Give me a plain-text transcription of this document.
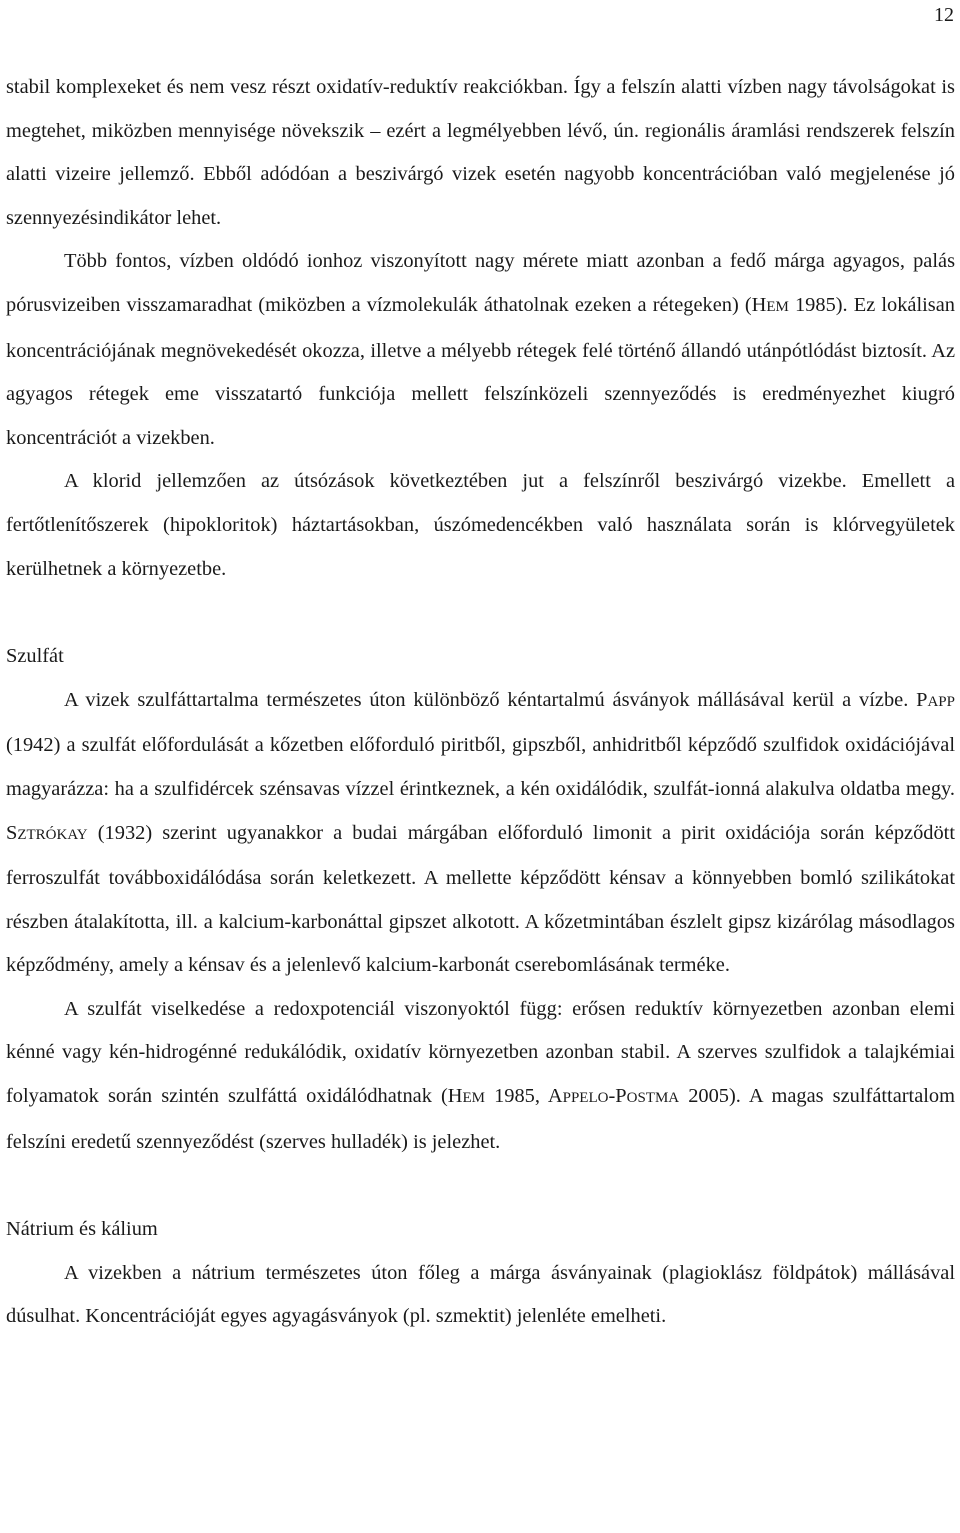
12

stabil komplexeket és nem vesz részt oxidatív-reduktív reakciókban. Így a felszín alatti vízben nagy távolságokat is megtehet, miközben mennyisége növekszik – ezért a legmélyebben lévő, ún. regionális áramlási rendszerek felszín alatti vizeire jellemző. Ebből adódóan a beszivárgó vizek esetén nagyobb koncentrációban való megjelenése jó szennyezésindikátor lehet.

Több fontos, vízben oldódó ionhoz viszonyított nagy mérete miatt azonban a fedő márga agyagos, palás pórusvizeiben visszamaradhat (miközben a vízmolekulák áthatolnak ezeken a rétegeken) (HEM 1985). Ez lokálisan koncentrációjának megnövekedését okozza, illetve a mélyebb rétegek felé történő állandó utánpótlódást biztosít. Az agyagos rétegek eme visszatartó funkciója mellett felszínközeli szennyeződés is eredményezhet kiugró koncentrációt a vizekben.

A klorid jellemzően az útsózások következtében jut a felszínről beszivárgó vizekbe. Emellett a fertőtlenítőszerek (hipokloritok) háztartásokban, úszómedencékben való használata során is klórvegyületek kerülhetnek a környezetbe.

Szulfát

A vizek szulfáttartalma természetes úton különböző kéntartalmú ásványok mállásával kerül a vízbe. PAPP (1942) a szulfát előfordulását a kőzetben előforduló piritből, gipszből, anhidritből képződő szulfidok oxidációjával magyarázza: ha a szulfidércek szénsavas vízzel érintkeznek, a kén oxidálódik, szulfát-ionná alakulva oldatba megy. SZTRÓKAY (1932) szerint ugyanakkor a budai márgában előforduló limonit a pirit oxidációja során képződött ferroszulfát továbboxidálódása során keletkezett. A mellette képződött kénsav a könnyebben bomló szilikátokat részben átalakította, ill. a kalcium-karbonáttal gipszet alkotott. A kőzetmintában észlelt gipsz kizárólag másodlagos képződmény, amely a kénsav és a jelenlevő kalcium-karbonát cserebomlásának terméke.

A szulfát viselkedése a redoxpotenciál viszonyoktól függ: erősen reduktív környezetben azonban elemi kénné vagy kén-hidrogénné redukálódik, oxidatív környezetben azonban stabil. A szerves szulfidok a talajkémiai folyamatok során szintén szulfáttá oxidálódhatnak (HEM 1985, APPELO-POSTMA 2005). A magas szulfáttartalom felszíni eredetű szennyeződést (szerves hulladék) is jelezhet.

Nátrium és kálium

A vizekben a nátrium természetes úton főleg a márga ásványainak (plagioklász földpátok) mállásával dúsulhat. Koncentrációját egyes agyagásványok (pl. szmektit) jelenléte emelheti.
